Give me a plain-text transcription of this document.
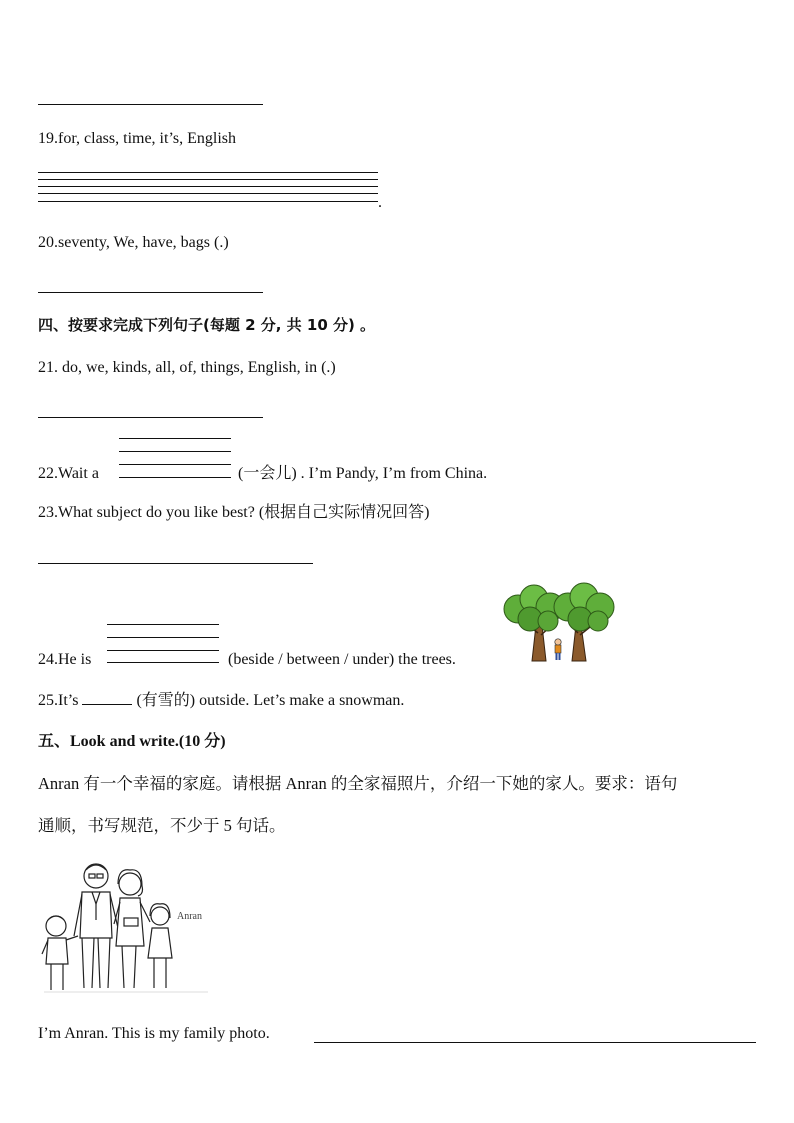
19.for, class, time, it’s, English
.
20.seventy, We, have, bags (.)
四、按要求完成下列句子(每题 2 分, 共 10 分) 。
21. do, we, kinds, all, of, things, English, in (.)
22.Wait a	(一会儿) . I’m Pandy, I’m from China.
23.What subject do you like best? (根据自己实际情况回答)
24.He is	(beside / between / under) the trees.
25.It’s	(有雪的) outside. Let’s make a snowman.
五、Look and write.(10 分)
Anran 有一个幸福的家庭。请根据 Anran 的全家福照片，介绍一下她的家人。要求：语句
通顺，书写规范，不少于 5 句话。
Anran
I’m Anran. This is my family photo.
